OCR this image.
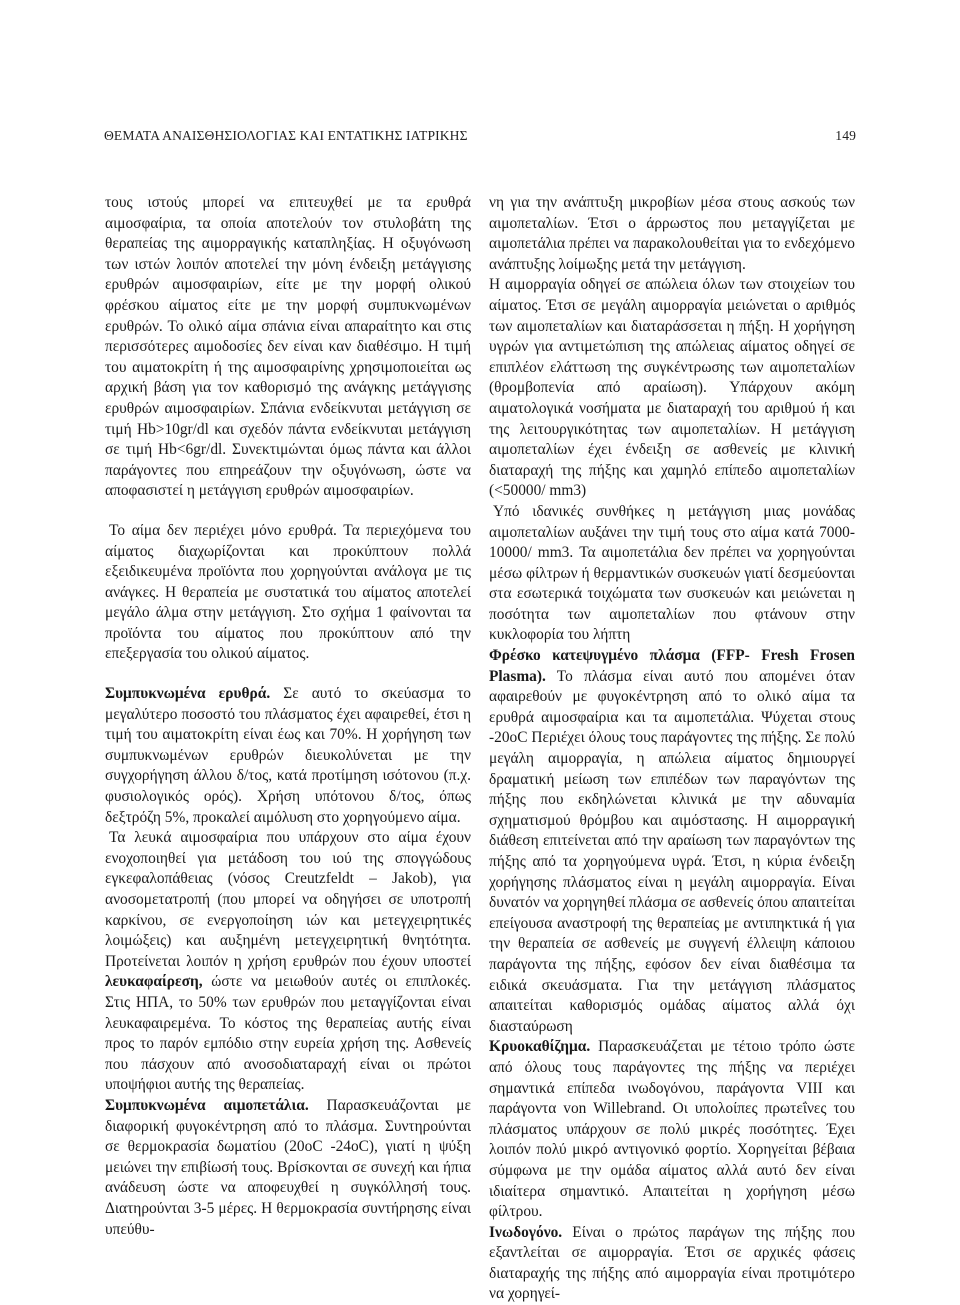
ΘΕΜΑΤΑ ΑΝΑΙΣΘΗΣΙΟΛΟΓΙΑΣ ΚΑΙ ΕΝΤΑΤΙΚΗΣ ΙΑΤΡΙΚΗΣ	149

τους ιστούς μπορεί να επιτευχθεί με τα ερυθρά αιμοσφαίρια, τα οποία αποτελούν τον στυλοβάτη της θεραπείας της αιμορραγικής καταπληξίας. Η οξυγόνωση των ιστών λοιπόν αποτελεί την μόνη ένδειξη μετάγγισης ερυθρών αιμοσφαιρίων, είτε με την μορφή ολικού φρέσκου αίματος είτε με την μορφή συμπυκνωμένων ερυθρών. Το ολικό αίμα σπάνια είναι απαραίτητο και στις περισσότερες αιμοδοσίες δεν είναι καν διαθέσιμο. Η τιμή του αιματοκρίτη ή της αιμοσφαιρίνης χρησιμοποιείται ως αρχική βάση για τον καθορισμό της ανάγκης μετάγγισης ερυθρών αιμοσφαιρίων. Σπάνια ενδείκνυται μετάγγιση σε τιμή Hb>10gr/dl και σχεδόν πάντα ενδείκνυται μετάγγιση σε τιμή Hb<6gr/dl. Συνεκτιμώνται όμως πάντα και άλλοι παράγοντες που επηρεάζουν την οξυγόνωση, ώστε να αποφασιστεί η μετάγγιση ερυθρών αιμοσφαιρίων.

Το αίμα δεν περιέχει μόνο ερυθρά. Τα περιεχόμενα του αίματος διαχωρίζονται και προκύπτουν πολλά εξειδικευμένα προϊόντα που χορηγούνται ανάλογα με τις ανάγκες. Η θεραπεία με συστατικά του αίματος αποτελεί μεγάλο άλμα στην μετάγγιση. Στο σχήμα 1 φαίνονται τα προϊόντα του αίματος που προκύπτουν από την επεξεργασία του ολικού αίματος.

Συμπυκνωμένα ερυθρά. Σε αυτό το σκεύασμα το μεγαλύτερο ποσοστό του πλάσματος έχει αφαιρεθεί, έτσι η τιμή του αιματοκρίτη είναι έως και 70%. Η χορήγηση των συμπυκνωμένων ερυθρών διευκολύνεται με την συγχορήγηση άλλου δ/τος, κατά προτίμηση ισότονου (π.χ. φυσιολογικός ορός). Χρήση υπότονου δ/τος, όπως δεξτρόζη 5%, προκαλεί αιμόλυση στο χορηγούμενο αίμα.

Τα λευκά αιμοσφαίρια που υπάρχουν στο αίμα έχουν ενοχοποιηθεί για μετάδοση του ιού της σπογγώδους εγκεφαλοπάθειας (νόσος Creutzfeldt – Jakob), για ανοσομετατροπή (που μπορεί να οδηγήσει σε υποτροπή καρκίνου, σε ενεργοποίηση ιών και μετεγχειρητικές λοιμώξεις) και αυξημένη μετεγχειρητική θνητότητα. Προτείνεται λοιπόν η χρήση ερυθρών που έχουν υποστεί λευκαφαίρεση, ώστε να μειωθούν αυτές οι επιπλοκές. Στις ΗΠΑ, το 50% των ερυθρών που μεταγγίζονται είναι λευκαφαιρεμένα. Το κόστος της θεραπείας αυτής είναι προς το παρόν εμπόδιο στην ευρεία χρήση της. Ασθενείς που πάσχουν από ανοσοδιαταραχή είναι οι πρώτοι υποψήφιοι αυτής της θεραπείας.

Συμπυκνωμένα αιμοπετάλια. Παρασκευάζονται με διαφορική φυγοκέντρηση από το πλάσμα. Συντηρούνται σε θερμοκρασία δωματίου (20oC -24oC), γιατί η ψύξη μειώνει την επιβίωσή τους. Βρίσκονται σε συνεχή και ήπια ανάδευση ώστε να αποφευχθεί η συγκόλλησή τους. Διατηρούνται 3-5 μέρες. Η θερμοκρασία συντήρησης είναι υπεύθυ-

νη για την ανάπτυξη μικροβίων μέσα στους ασκούς των αιμοπεταλίων. Έτσι ο άρρωστος που μεταγγίζεται με αιμοπετάλια πρέπει να παρακολουθείται για το ενδεχόμενο ανάπτυξης λοίμωξης μετά την μετάγγιση.

Η αιμορραγία οδηγεί σε απώλεια όλων των στοιχείων του αίματος. Έτσι σε μεγάλη αιμορραγία μειώνεται ο αριθμός των αιμοπεταλίων και διαταράσσεται η πήξη. Η χορήγηση υγρών για αντιμετώπιση της απώλειας αίματος οδηγεί σε επιπλέον ελάττωση της συγκέντρωσης των αιμοπεταλίων (θρομβοπενία από αραίωση). Υπάρχουν ακόμη αιματολογικά νοσήματα με διαταραχή του αριθμού ή και της λειτουργικότητας των αιμοπεταλίων. Η μετάγγιση αιμοπεταλίων έχει ένδειξη σε ασθενείς με κλινική διαταραχή της πήξης και χαμηλό επίπεδο αιμοπεταλίων (<50000/ mm3)

Υπό ιδανικές συνθήκες η μετάγγιση μιας μονάδας αιμοπεταλίων αυξάνει την τιμή τους στο αίμα κατά 7000-10000/ mm3. Τα αιμοπετάλια δεν πρέπει να χορηγούνται μέσω φίλτρων ή θερμαντικών συσκευών γιατί δεσμεύονται στα εσωτερικά τοιχώματα των συσκευών και μειώνεται η ποσότητα των αιμοπεταλίων που φτάνουν στην κυκλοφορία του λήπτη

Φρέσκο κατεψυγμένο πλάσμα (FFP- Fresh Frosen Plasma). Το πλάσμα είναι αυτό που απομένει όταν αφαιρεθούν με φυγοκέντρηση από το ολικό αίμα τα ερυθρά αιμοσφαίρια και τα αιμοπετάλια. Ψύχεται στους -20oC Περιέχει όλους τους παράγοντες της πήξης. Σε πολύ μεγάλη αιμορραγία, η απώλεια αίματος δημιουργεί δραματική μείωση των επιπέδων των παραγόντων της πήξης που εκδηλώνεται κλινικά με την αδυναμία σχηματισμού θρόμβου και αιμόστασης. Η αιμορραγική διάθεση επιτείνεται από την αραίωση των παραγόντων της πήξης από τα χορηγούμενα υγρά. Έτσι, η κύρια ένδειξη χορήγησης πλάσματος είναι η μεγάλη αιμορραγία. Είναι δυνατόν να χορηγηθεί πλάσμα σε ασθενείς όπου απαιτείται επείγουσα αναστροφή της θεραπείας με αντιπηκτικά ή για την θεραπεία σε ασθενείς με συγγενή έλλειψη κάποιου παράγοντα της πήξης, εφόσον δεν είναι διαθέσιμα τα ειδικά σκευάσματα. Για την μετάγγιση πλάσματος απαιτείται καθορισμός ομάδας αίματος αλλά όχι διασταύρωση

Κρυοκαθίζημα. Παρασκευάζεται με τέτοιο τρόπο ώστε από όλους τους παράγοντες της πήξης να περιέχει σημαντικά επίπεδα ινωδογόνου, παράγοντα VIII και παράγοντα von Willebrand. Οι υπολοίπες πρωτεΐνες του πλάσματος υπάρχουν σε πολύ μικρές ποσότητες. Έχει λοιπόν πολύ μικρό αντιγονικό φορτίο. Χορηγείται βέβαια σύμφωνα με την ομάδα αίματος αλλά αυτό δεν είναι ιδιαίτερα σημαντικό. Απαιτείται η χορήγηση μέσω φίλτρου.

Ινωδογόνο. Είναι ο πρώτος παράγων της πήξης που εξαντλείται σε αιμορραγία. Έτσι σε αρχικές φάσεις διαταραχής της πήξης από αιμορραγία είναι προτιμότερο να χορηγεί-
